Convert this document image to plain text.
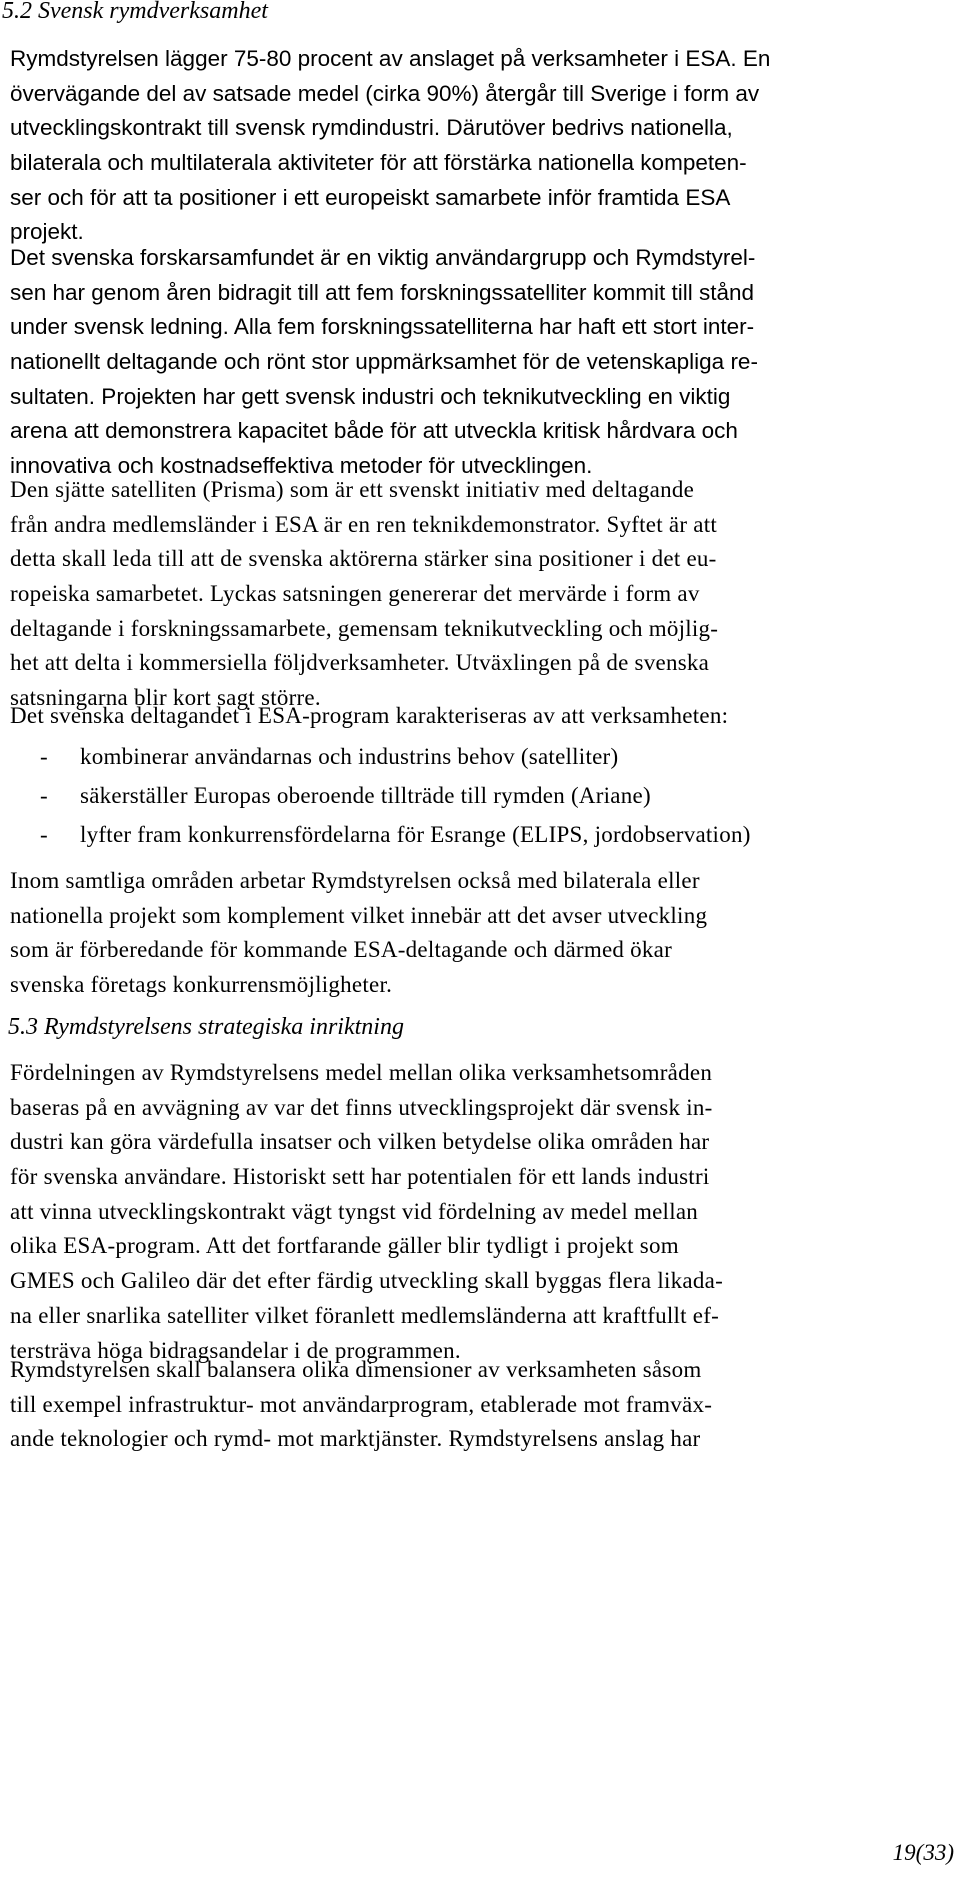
5.2 Svensk rymdverksamhet
Rymdstyrelsen lägger 75-80 procent av anslaget på verksamheter i ESA. En
övervägande del av satsade medel (cirka 90%) återgår till Sverige i form av
utvecklingskontrakt till svensk rymdindustri. Därutöver bedrivs nationella,
bilaterala och multilaterala aktiviteter för att förstärka nationella kompeten-
ser och för att ta positioner i ett europeiskt samarbete inför framtida ESA
projekt.
Det svenska forskarsamfundet är en viktig användargrupp och Rymdstyrel-
sen har genom åren bidragit till att fem forskningssatelliter kommit till stånd
under svensk ledning. Alla fem forskningssatelliterna har haft ett stort inter-
nationellt deltagande och rönt stor uppmärksamhet för de vetenskapliga re-
sultaten. Projekten har gett svensk industri och teknikutveckling en viktig
arena att demonstrera kapacitet både för att utveckla kritisk hårdvara och
innovativa och kostnadseffektiva metoder för utvecklingen.
Den sjätte satelliten (Prisma) som är ett svenskt initiativ med deltagande
från andra medlemsländer i ESA är en ren teknikdemonstrator. Syftet är att
detta skall leda till att de svenska aktörerna stärker sina positioner i det eu-
ropeiska samarbetet. Lyckas satsningen genererar det mervärde i form av
deltagande i forskningssamarbete, gemensam teknikutveckling och möjlig-
het att delta i kommersiella följdverksamheter. Utväxlingen på de svenska
satsningarna blir kort sagt större.
Det svenska deltagandet i ESA-program karakteriseras av att verksamheten:
- kombinerar användarnas och industrins behov (satelliter)
- säkerställer Europas oberoende tillträde till rymden (Ariane)
- lyfter fram konkurrensfördelarna för Esrange (ELIPS, jordobservation)
Inom samtliga områden arbetar Rymdstyrelsen också med bilaterala eller
nationella projekt som komplement vilket innebär att det avser utveckling
som är förberedande för kommande ESA-deltagande och därmed ökar
svenska företags konkurrensmöjligheter.
5.3 Rymdstyrelsens strategiska inriktning
Fördelningen av Rymdstyrelsens medel mellan olika verksamhetsområden
baseras på en avvägning av var det finns utvecklingsprojekt där svensk in-
dustri kan göra värdefulla insatser och vilken betydelse olika områden har
för svenska användare. Historiskt sett har potentialen för ett lands industri
att vinna utvecklingskontrakt vägt tyngst vid fördelning av medel mellan
olika ESA-program. Att det fortfarande gäller blir tydligt i projekt som
GMES och Galileo där det efter färdig utveckling skall byggas flera likada-
na eller snarlika satelliter vilket föranlett medlemsländerna att kraftfullt ef-
tersträva höga bidragsandelar i de programmen.
Rymdstyrelsen skall balansera olika dimensioner av verksamheten såsom
till exempel infrastruktur- mot användarprogram, etablerade mot framväx-
ande teknologier och rymd- mot marktjänster. Rymdstyrelsens anslag har
19(33)
